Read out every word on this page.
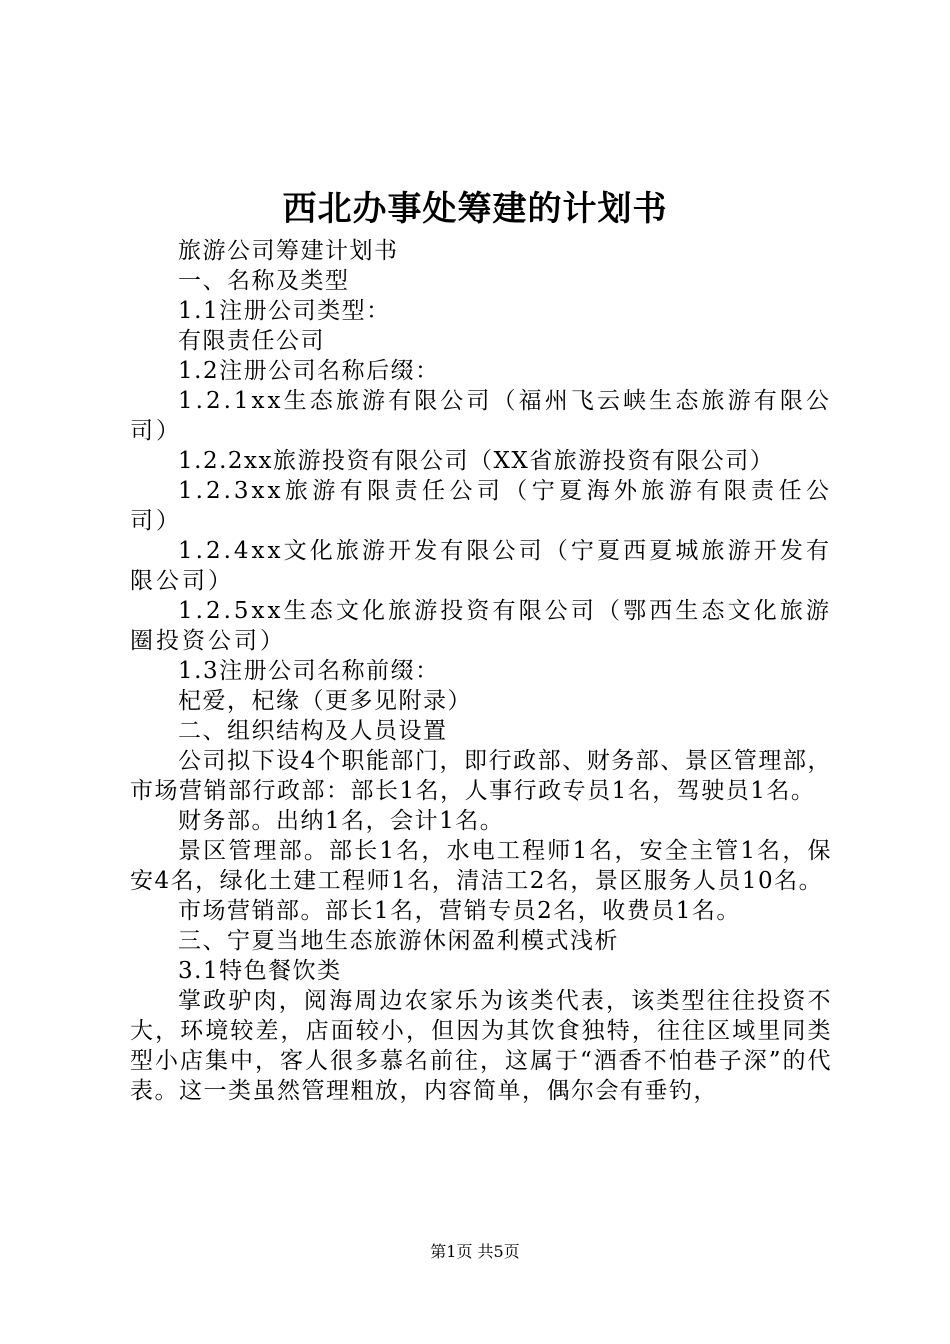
西北办事处筹建的计划书

旅游公司筹建计划书

一、名称及类型

1.1注册公司类型：

有限责任公司

1.2注册公司名称后缀：

1.2.1xx生态旅游有限公司（福州飞云峡生态旅游有限公司）

1.2.2xx旅游投资有限公司（XX省旅游投资有限公司）

1.2.3xx旅游有限责任公司（宁夏海外旅游有限责任公司）

1.2.4xx文化旅游开发有限公司（宁夏西夏城旅游开发有限公司）

1.2.5xx生态文化旅游投资有限公司（鄂西生态文化旅游圈投资公司）

1.3注册公司名称前缀：

杞爱，杞缘（更多见附录）

二、组织结构及人员设置

公司拟下设4个职能部门，即行政部、财务部、景区管理部，市场营销部行政部：部长1名，人事行政专员1名，驾驶员1名。

财务部。出纳1名，会计1名。

景区管理部。部长1名，水电工程师1名，安全主管1名，保安4名，绿化土建工程师1名，清洁工2名，景区服务人员10名。

市场营销部。部长1名，营销专员2名，收费员1名。

三、宁夏当地生态旅游休闲盈利模式浅析

3.1特色餐饮类

掌政驴肉，阅海周边农家乐为该类代表，该类型往往投资不大，环境较差，店面较小，但因为其饮食独特，往往区域里同类型小店集中，客人很多慕名前往，这属于“酒香不怕巷子深”的代表。这一类虽然管理粗放，内容简单，偶尔会有垂钓，

第1页 共5页
